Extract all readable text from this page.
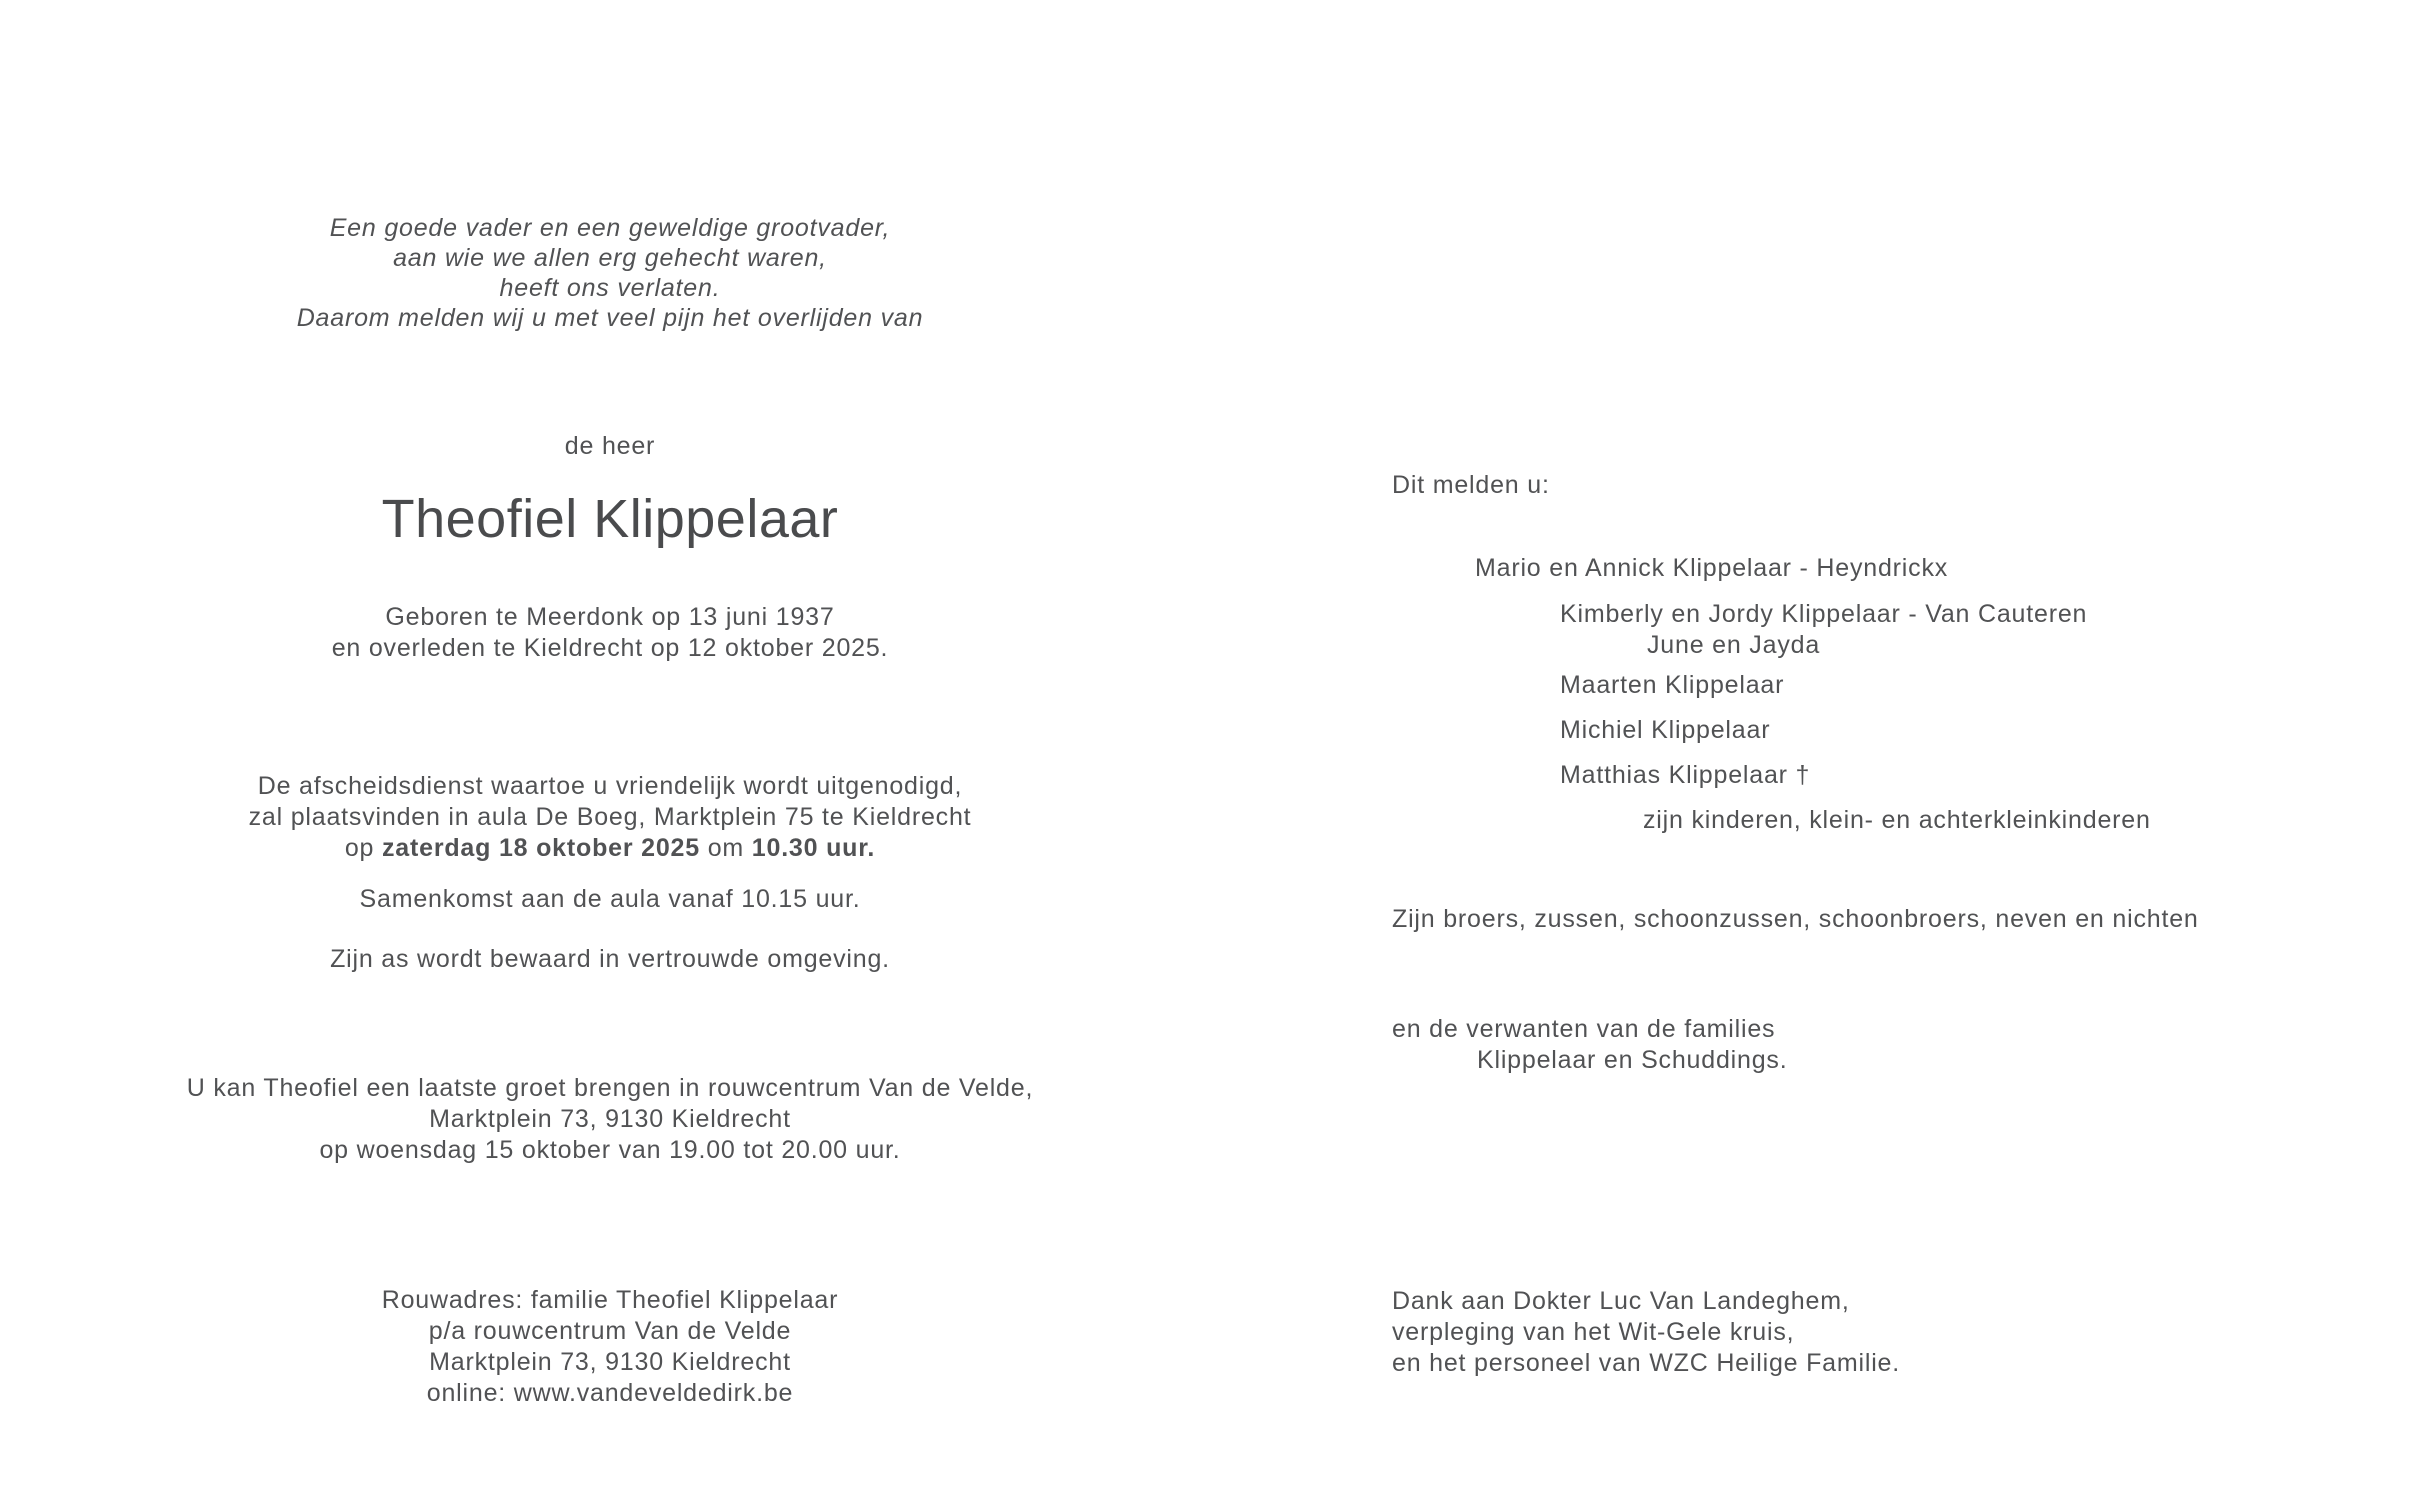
Een goede vader en een geweldige grootvader,
aan wie we allen erg gehecht waren,
heeft ons verlaten.
Daarom melden wij u met veel pijn het overlijden van
de heer
Theofiel Klippelaar
Geboren te Meerdonk op 13 juni 1937
en overleden te Kieldrecht op 12 oktober 2025.
De afscheidsdienst waartoe u vriendelijk wordt uitgenodigd,
zal plaatsvinden in aula De Boeg, Marktplein 75 te Kieldrecht
op zaterdag 18 oktober 2025 om 10.30 uur.
Samenkomst aan de aula vanaf 10.15 uur.
Zijn as wordt bewaard in vertrouwde omgeving.
U kan Theofiel een laatste groet brengen in rouwcentrum Van de Velde,
Marktplein 73, 9130 Kieldrecht
op woensdag 15 oktober van 19.00 tot 20.00 uur.
Rouwadres: familie Theofiel Klippelaar
p/a rouwcentrum Van de Velde
Marktplein 73, 9130 Kieldrecht
online: www.vandeveldedirk.be
Dit melden u:
Mario en Annick Klippelaar - Heyndrickx
Kimberly en Jordy Klippelaar - Van Cauteren
June en Jayda
Maarten Klippelaar
Michiel Klippelaar
Matthias Klippelaar †
zijn kinderen, klein- en achterkleinkinderen
Zijn broers, zussen, schoonzussen, schoonbroers, neven en nichten
en de verwanten van de families
Klippelaar en Schuddings.
Dank aan Dokter Luc Van Landeghem,
verpleging van het Wit-Gele kruis,
en het personeel van WZC Heilige Familie.
